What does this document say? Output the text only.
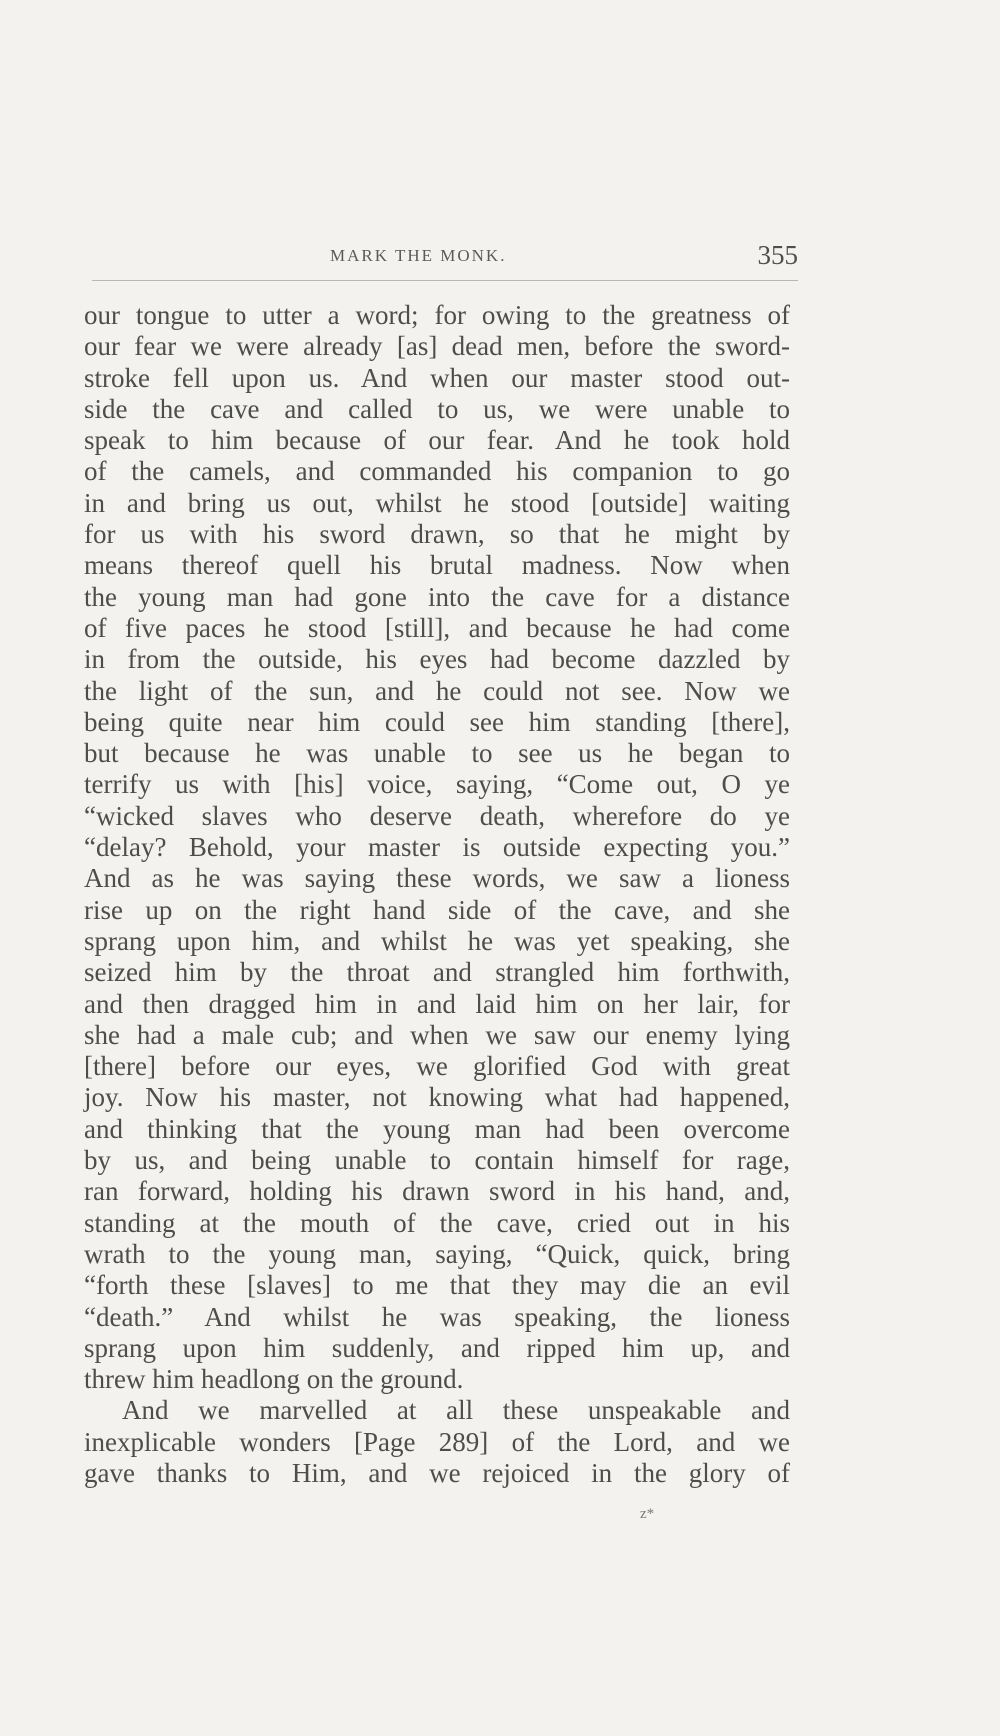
MARK THE MONK.	355
our tongue to utter a word; for owing to the greatness of
our fear we were already [as] dead men, before the sword-
stroke fell upon us. And when our master stood out-
side the cave and called to us, we were unable to
speak to him because of our fear. And he took hold
of the camels, and commanded his companion to go
in and bring us out, whilst he stood [outside] waiting
for us with his sword drawn, so that he might by
means thereof quell his brutal madness. Now when
the young man had gone into the cave for a distance
of five paces he stood [still], and because he had come
in from the outside, his eyes had become dazzled by
the light of the sun, and he could not see. Now we
being quite near him could see him standing [there],
but because he was unable to see us he began to
terrify us with [his] voice, saying, “Come out, O ye
“wicked slaves who deserve death, wherefore do ye
“delay? Behold, your master is outside expecting you.”
And as he was saying these words, we saw a lioness
rise up on the right hand side of the cave, and she
sprang upon him, and whilst he was yet speaking, she
seized him by the throat and strangled him forthwith,
and then dragged him in and laid him on her lair, for
she had a male cub; and when we saw our enemy lying
[there] before our eyes, we glorified God with great
joy. Now his master, not knowing what had happened,
and thinking that the young man had been overcome
by us, and being unable to contain himself for rage,
ran forward, holding his drawn sword in his hand, and,
standing at the mouth of the cave, cried out in his
wrath to the young man, saying, “Quick, quick, bring
“forth these [slaves] to me that they may die an evil
“death.” And whilst he was speaking, the lioness
sprang upon him suddenly, and ripped him up, and
threw him headlong on the ground.
And we marvelled at all these unspeakable and
inexplicable wonders [Page 289] of the Lord, and we
gave thanks to Him, and we rejoiced in the glory of
z*
